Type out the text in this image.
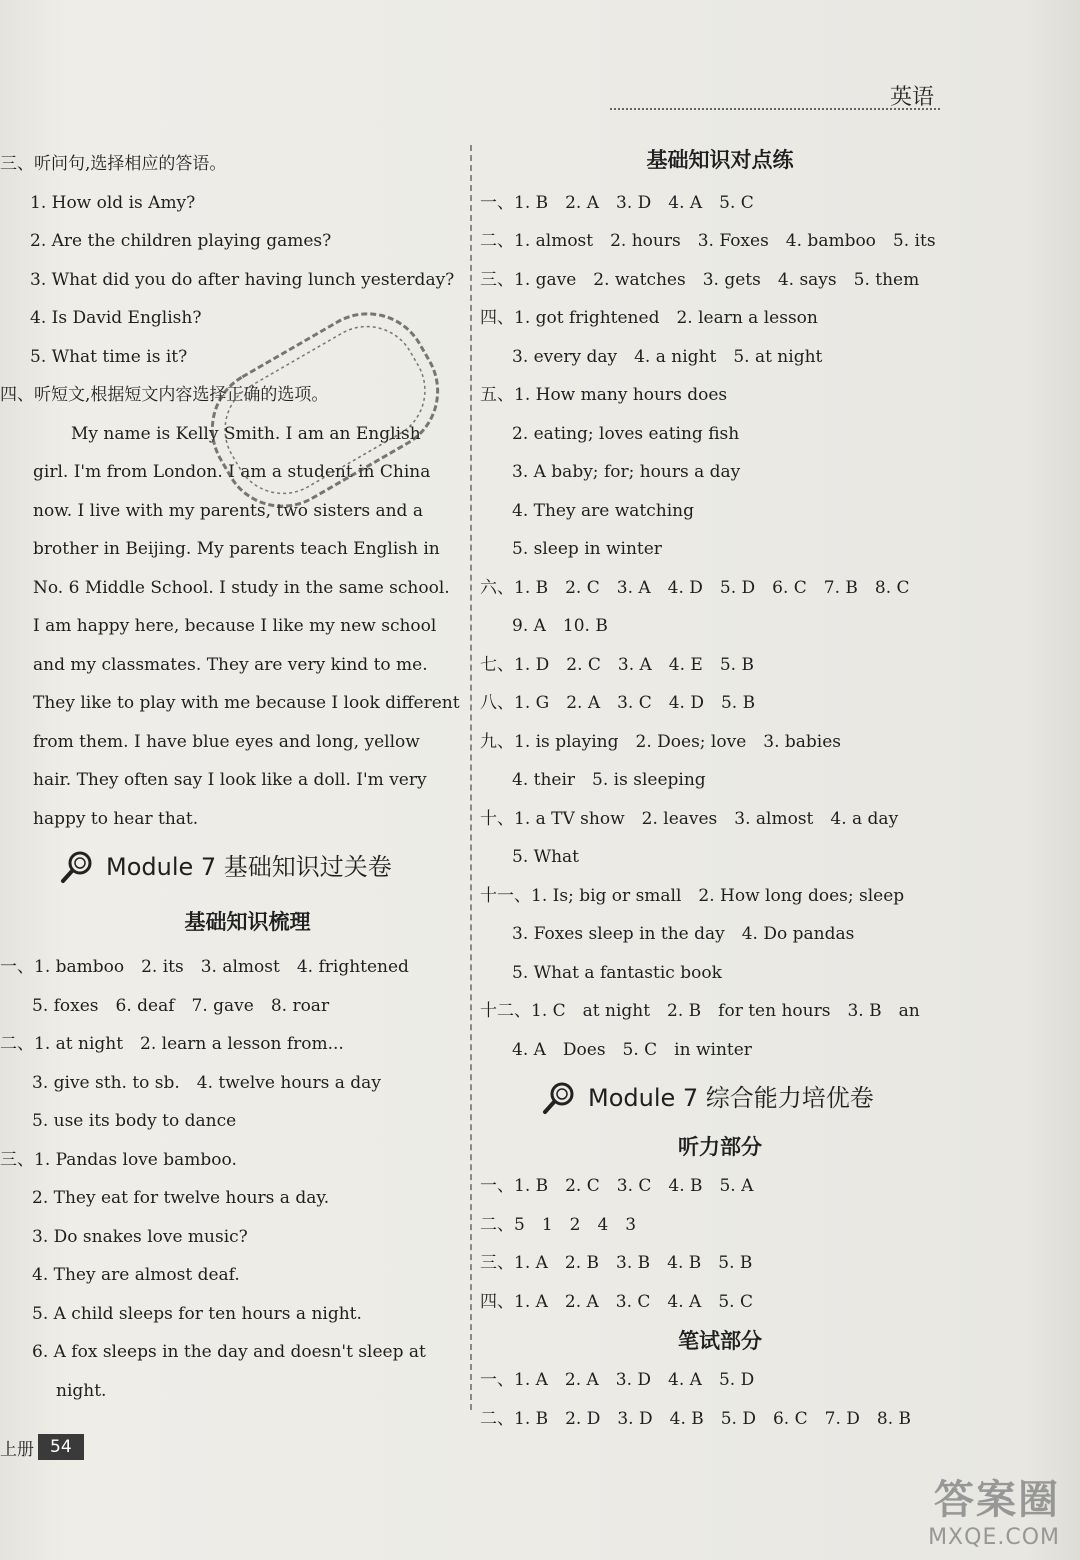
英语
三、听问句,选择相应的答语。
1. How old is Amy?
2. Are the children playing games?
3. What did you do after having lunch yesterday?
4. Is David English?
5. What time is it?
四、听短文,根据短文内容选择正确的选项。

My name is Kelly Smith. I am an English

girl. I'm from London. I am a student in China

now. I live with my parents, two sisters and a

brother in Beijing. My parents teach English in

No. 6 Middle School. I study in the same school.

I am happy here, because I like my new school

and my classmates. They are very kind to me.

They like to play with me because I look different

from them. I have blue eyes and long, yellow

hair. They often say I look like a doll. I'm very

happy to hear that.

Module 7 基础知识过关卷
基础知识梳理
一、1. bamboo　2. its　3. almost　4. frightened
5. foxes　6. deaf　7. gave　8. roar
二、1. at night　2. learn a lesson from...
3. give sth. to sb.　4. twelve hours a day
5. use its body to dance
三、1. Pandas love bamboo.
2. They eat for twelve hours a day.
3. Do snakes love music?
4. They are almost deaf.
5. A child sleeps for ten hours a night.
6. A fox sleeps in the day and doesn't sleep at
night.
基础知识对点练
一、1. B　2. A　3. D　4. A　5. C
二、1. almost　2. hours　3. Foxes　4. bamboo　5. its
三、1. gave　2. watches　3. gets　4. says　5. them
四、1. got frightened　2. learn a lesson
3. every day　4. a night　5. at night
五、1. How many hours does
2. eating; loves eating fish
3. A baby; for; hours a day
4. They are watching
5. sleep in winter
六、1. B　2. C　3. A　4. D　5. D　6. C　7. B　8. C
9. A　10. B
七、1. D　2. C　3. A　4. E　5. B
八、1. G　2. A　3. C　4. D　5. B
九、1. is playing　2. Does; love　3. babies
4. their　5. is sleeping
十、1. a TV show　2. leaves　3. almost　4. a day
5. What
十一、1. Is; big or small　2. How long does; sleep
3. Foxes sleep in the day　4. Do pandas
5. What a fantastic book
十二、1. C　at night　2. B　for ten hours　3. B　an
4. A　Does　5. C　in winter
Module 7 综合能力培优卷
听力部分
一、1. B　2. C　3. C　4. B　5. A
二、5　1　2　4　3
三、1. A　2. B　3. B　4. B　5. B
四、1. A　2. A　3. C　4. A　5. C
笔试部分
一、1. A　2. A　3. D　4. A　5. D
二、1. B　2. D　3. D　4. B　5. D　6. C　7. D　8. B
上册 54
答案圈
MXQE.COM
